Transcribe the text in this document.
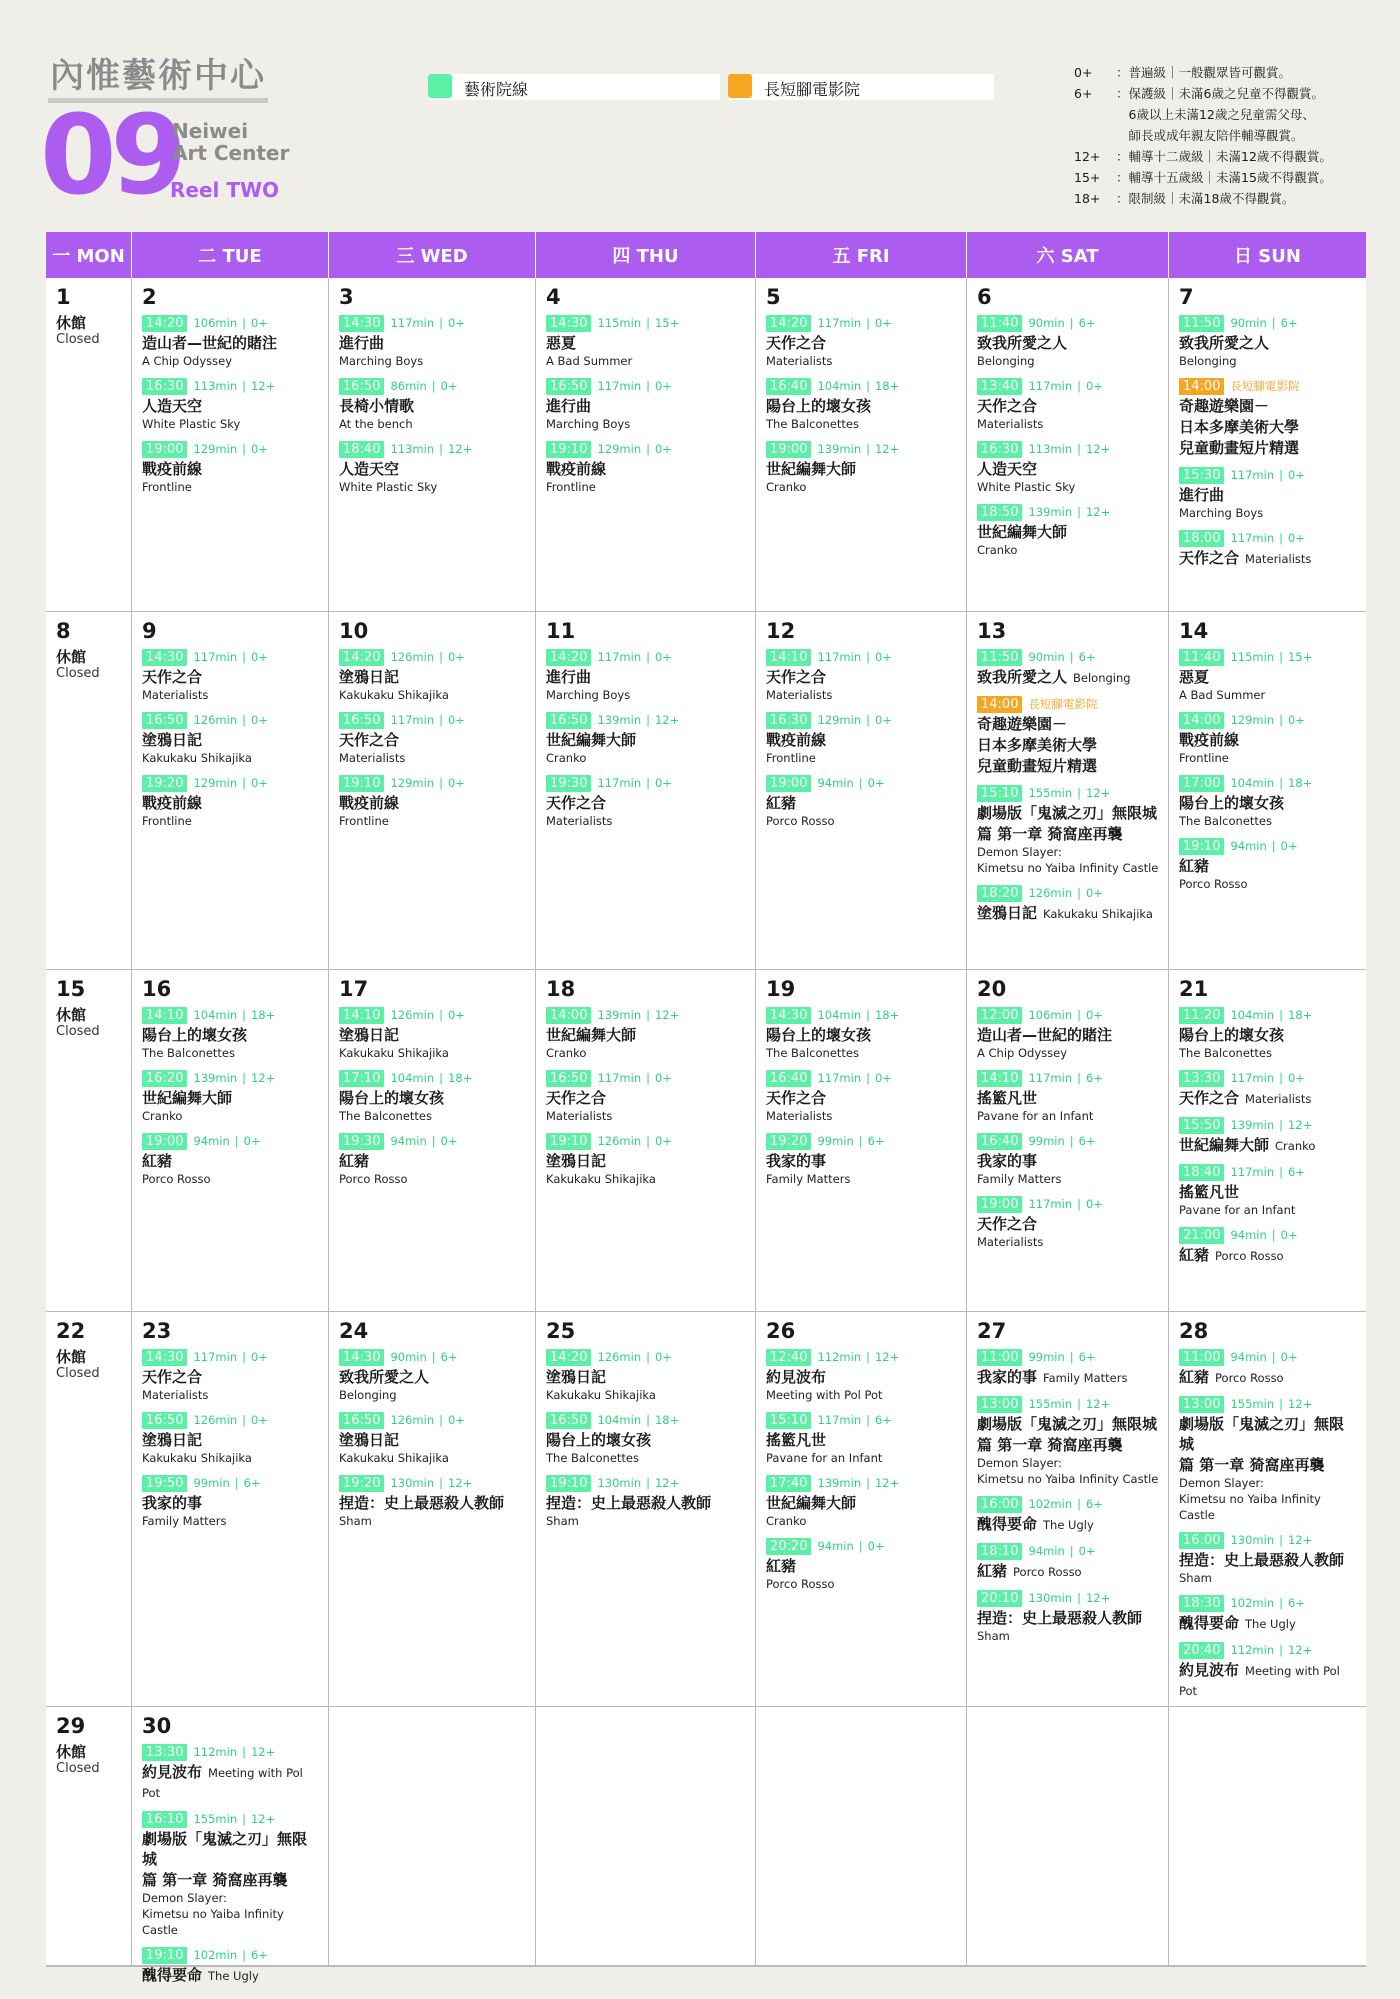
內惟藝術中心
09
Neiwei
Art Center
Reel TWO
藝術院線	長短腳電影院
0+	：普遍級｜一般觀眾皆可觀賞。
6+	：保護級｜未滿6歲之兒童不得觀賞。
　6歲以上未滿12歲之兒童需父母、
　師長或成年親友陪伴輔導觀賞。
12+	：輔導十二歲級｜未滿12歲不得觀賞。
15+	：輔導十五歲級｜未滿15歲不得觀賞。
18+	：限制級｜未滿18歲不得觀賞。
一 MON	二 TUE	三 WED	四 THU	五 FRI	六 SAT	日 SUN
1
休館
Closed
2
14:20 106min | 0+
造山者—世紀的賭注
A Chip Odyssey
16:30 113min | 12+
人造天空
White Plastic Sky
19:00 129min | 0+
戰疫前線
Frontline
3
14:30 117min | 0+
進行曲
Marching Boys
16:50 86min | 0+
長椅小情歌
At the bench
18:40 113min | 12+
人造天空
White Plastic Sky
4
14:30 115min | 15+
惡夏
A Bad Summer
16:50 117min | 0+
進行曲
Marching Boys
19:10 129min | 0+
戰疫前線
Frontline
5
14:20 117min | 0+
天作之合
Materialists
16:40 104min | 18+
陽台上的壞女孩
The Balconettes
19:00 139min | 12+
世紀編舞大師
Cranko
6
11:40 90min | 6+
致我所愛之人
Belonging
13:40 117min | 0+
天作之合
Materialists
16:30 113min | 12+
人造天空
White Plastic Sky
18:50 139min | 12+
世紀編舞大師
Cranko
7
11:50 90min | 6+
致我所愛之人
Belonging
14:00 長短腳電影院
奇趣遊樂園－
日本多摩美術大學
兒童動畫短片精選
15:30 117min | 0+
進行曲
Marching Boys
18:00 117min | 0+
天作之合 Materialists
8
休館
Closed
9
14:30 117min | 0+
天作之合
Materialists
16:50 126min | 0+
塗鴉日記
Kakukaku Shikajika
19:20 129min | 0+
戰疫前線
Frontline
10
14:20 126min | 0+
塗鴉日記
Kakukaku Shikajika
16:50 117min | 0+
天作之合
Materialists
19:10 129min | 0+
戰疫前線
Frontline
11
14:20 117min | 0+
進行曲
Marching Boys
16:50 139min | 12+
世紀編舞大師
Cranko
19:30 117min | 0+
天作之合
Materialists
12
14:10 117min | 0+
天作之合
Materialists
16:30 129min | 0+
戰疫前線
Frontline
19:00 94min | 0+
紅豬
Porco Rosso
13
11:50 90min | 6+
致我所愛之人 Belonging
14:00 長短腳電影院
奇趣遊樂園－
日本多摩美術大學
兒童動畫短片精選
15:10 155min | 12+
劇場版「鬼滅之刃」無限城
篇 第一章 猗窩座再襲
Demon Slayer:
Kimetsu no Yaiba Infinity Castle
18:20 126min | 0+
塗鴉日記 Kakukaku Shikajika
14
11:40 115min | 15+
惡夏
A Bad Summer
14:00 129min | 0+
戰疫前線
Frontline
17:00 104min | 18+
陽台上的壞女孩
The Balconettes
19:10 94min | 0+
紅豬
Porco Rosso
15
休館
Closed
16
14:10 104min | 18+
陽台上的壞女孩
The Balconettes
16:20 139min | 12+
世紀編舞大師
Cranko
19:00 94min | 0+
紅豬
Porco Rosso
17
14:10 126min | 0+
塗鴉日記
Kakukaku Shikajika
17:10 104min | 18+
陽台上的壞女孩
The Balconettes
19:30 94min | 0+
紅豬
Porco Rosso
18
14:00 139min | 12+
世紀編舞大師
Cranko
16:50 117min | 0+
天作之合
Materialists
19:10 126min | 0+
塗鴉日記
Kakukaku Shikajika
19
14:30 104min | 18+
陽台上的壞女孩
The Balconettes
16:40 117min | 0+
天作之合
Materialists
19:20 99min | 6+
我家的事
Family Matters
20
12:00 106min | 0+
造山者—世紀的賭注
A Chip Odyssey
14:10 117min | 6+
搖籃凡世
Pavane for an Infant
16:40 99min | 6+
我家的事
Family Matters
19:00 117min | 0+
天作之合
Materialists
21
11:20 104min | 18+
陽台上的壞女孩
The Balconettes
13:30 117min | 0+
天作之合 Materialists
15:50 139min | 12+
世紀編舞大師 Cranko
18:40 117min | 6+
搖籃凡世
Pavane for an Infant
21:00 94min | 0+
紅豬 Porco Rosso
22
休館
Closed
23
14:30 117min | 0+
天作之合
Materialists
16:50 126min | 0+
塗鴉日記
Kakukaku Shikajika
19:50 99min | 6+
我家的事
Family Matters
24
14:30 90min | 6+
致我所愛之人
Belonging
16:50 126min | 0+
塗鴉日記
Kakukaku Shikajika
19:20 130min | 12+
捏造：史上最惡殺人教師
Sham
25
14:20 126min | 0+
塗鴉日記
Kakukaku Shikajika
16:50 104min | 18+
陽台上的壞女孩
The Balconettes
19:10 130min | 12+
捏造：史上最惡殺人教師
Sham
26
12:40 112min | 12+
約見波布
Meeting with Pol Pot
15:10 117min | 6+
搖籃凡世
Pavane for an Infant
17:40 139min | 12+
世紀編舞大師
Cranko
20:20 94min | 0+
紅豬
Porco Rosso
27
11:00 99min | 6+
我家的事 Family Matters
13:00 155min | 12+
劇場版「鬼滅之刃」無限城
篇 第一章 猗窩座再襲
Demon Slayer:
Kimetsu no Yaiba Infinity Castle
16:00 102min | 6+
醜得要命 The Ugly
18:10 94min | 0+
紅豬 Porco Rosso
20:10 130min | 12+
捏造：史上最惡殺人教師
Sham
28
11:00 94min | 0+
紅豬 Porco Rosso
13:00 155min | 12+
劇場版「鬼滅之刃」無限城
篇 第一章 猗窩座再襲
Demon Slayer:
Kimetsu no Yaiba Infinity Castle
16:00 130min | 12+
捏造：史上最惡殺人教師
Sham
18:30 102min | 6+
醜得要命 The Ugly
20:40 112min | 12+
約見波布 Meeting with Pol Pot
29
休館
Closed
30
13:30 112min | 12+
約見波布 Meeting with Pol Pot
16:10 155min | 12+
劇場版「鬼滅之刃」無限城
篇 第一章 猗窩座再襲
Demon Slayer:
Kimetsu no Yaiba Infinity Castle
19:10 102min | 6+
醜得要命 The Ugly
